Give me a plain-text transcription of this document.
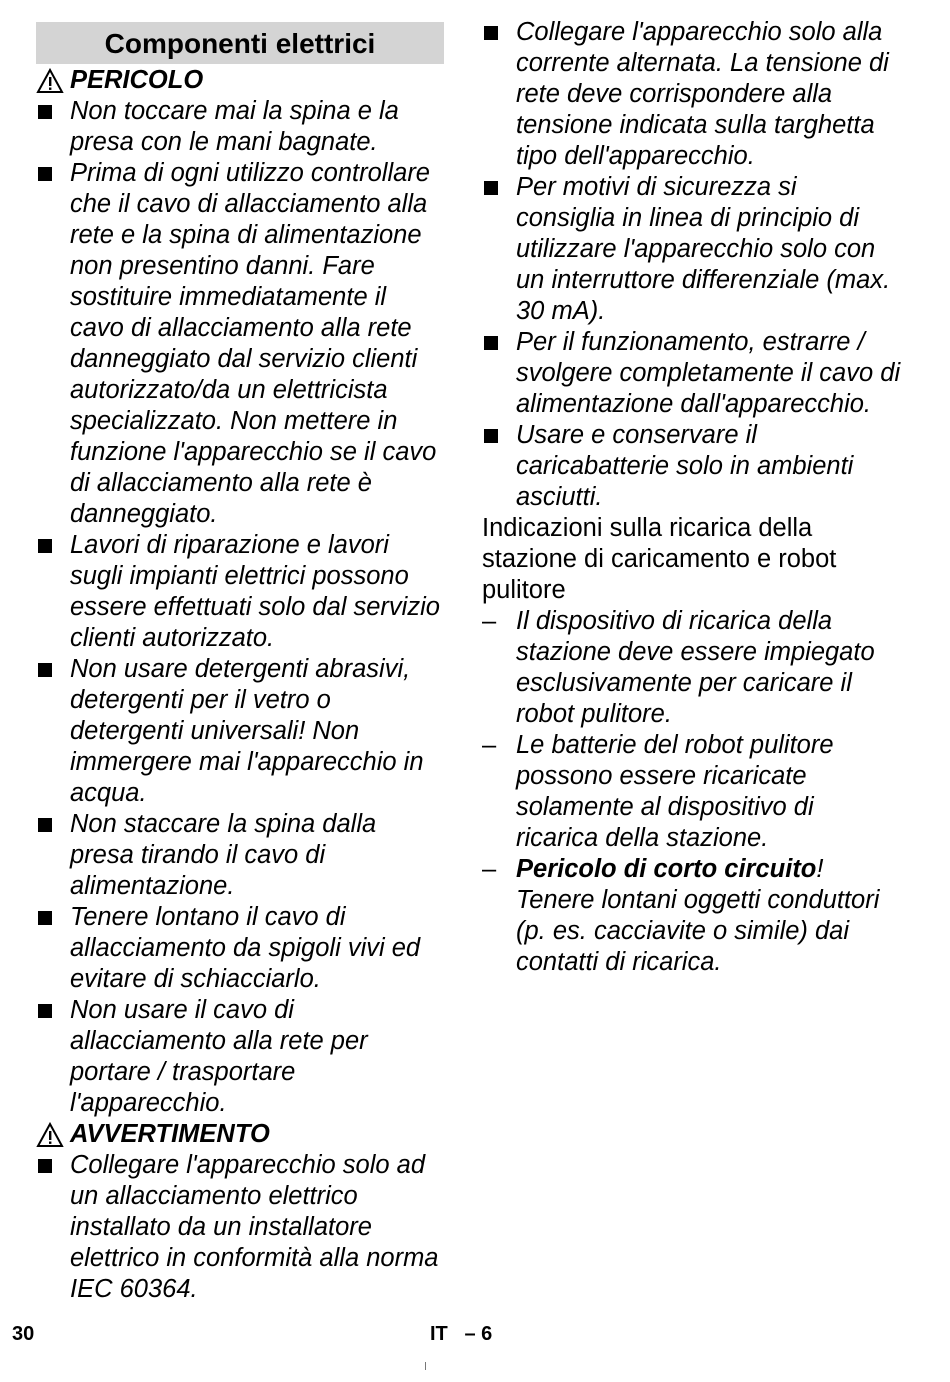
Componenti elettrici
PERICOLO
Non toccare mai la spina e la presa con le mani bagnate.
Prima di ogni utilizzo controllare che il cavo di allacciamento alla rete e la spina di alimentazione non presentino danni. Fare sostituire immediatamente il cavo di allacciamento alla rete danneggiato dal servizio clienti autorizzato/da un elettricista specializzato. Non mettere in funzione l'apparecchio se il cavo di allacciamento alla rete è danneggiato.
Lavori di riparazione e lavori sugli impianti elettrici possono essere effettuati solo dal servizio clienti autorizzato.
Non usare detergenti abrasivi, detergenti per il vetro o detergenti universali! Non immergere mai l'apparecchio in acqua.
Non staccare la spina dalla presa tirando il cavo di alimentazione.
Tenere lontano il cavo di allacciamento da spigoli vivi ed evitare di schiacciarlo.
Non usare il cavo di allacciamento alla rete per portare / trasportare l'apparecchio.
AVVERTIMENTO
Collegare l'apparecchio solo ad un allacciamento elettrico installato da un installatore elettrico in conformità alla norma IEC 60364.
Collegare l'apparecchio solo alla corrente alternata. La tensione di rete deve corrispondere alla tensione indicata sulla targhetta tipo dell'apparecchio.
Per motivi di sicurezza si consiglia in linea di principio di utilizzare l'apparecchio solo con un interruttore differenziale (max. 30 mA).
Per il funzionamento, estrarre / svolgere completamente il cavo di alimentazione dall'apparecchio.
Usare e conservare il caricabatterie solo in ambienti asciutti.
Indicazioni sulla ricarica della stazione di caricamento e robot pulitore
– Il dispositivo di ricarica della stazione deve essere impiegato esclusivamente per caricare il robot pulitore.
– Le batterie del robot pulitore possono essere ricaricate solamente al dispositivo di ricarica della stazione.
– Pericolo di corto circuito! Tenere lontani oggetti conduttori (p. es. cacciavite o simile) dai contatti di ricarica.
30	IT   – 6
